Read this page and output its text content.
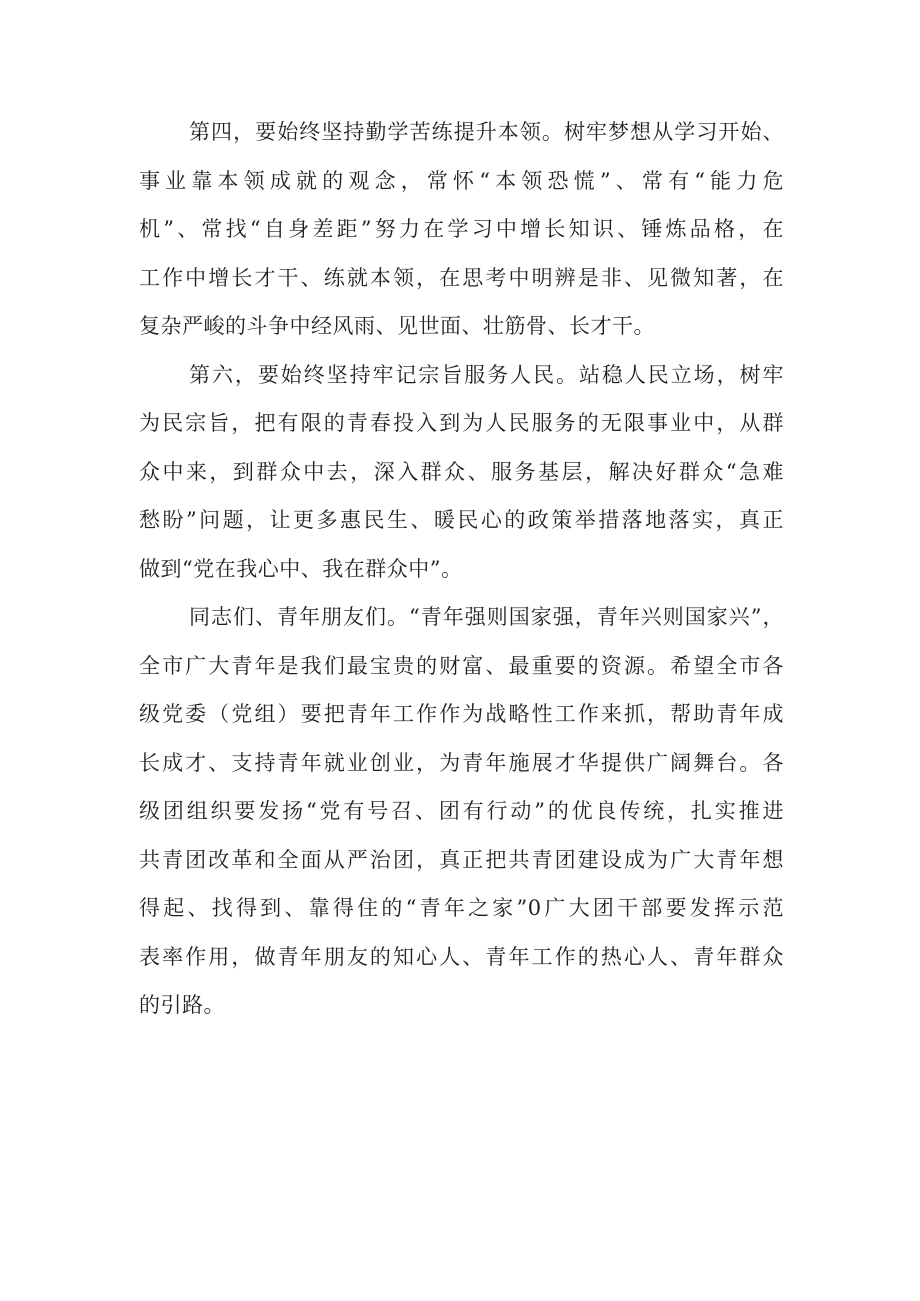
第四，要始终坚持勤学苦练提升本领。树牢梦想从学习开始、
事业靠本领成就的观念，常怀“本领恐慌”、常有“能力危
机”、常找“自身差距”努力在学习中增长知识、锤炼品格，在
工作中增长才干、练就本领，在思考中明辨是非、见微知著，在
复杂严峻的斗争中经风雨、见世面、壮筋骨、长才干。
第六，要始终坚持牢记宗旨服务人民。站稳人民立场，树牢
为民宗旨，把有限的青春投入到为人民服务的无限事业中，从群
众中来，到群众中去，深入群众、服务基层，解决好群众“急难
愁盼”问题，让更多惠民生、暖民心的政策举措落地落实，真正
做到“党在我心中、我在群众中”。
同志们、青年朋友们。“青年强则国家强，青年兴则国家兴”，
全市广大青年是我们最宝贵的财富、最重要的资源。希望全市各
级党委（党组）要把青年工作作为战略性工作来抓，帮助青年成
长成才、支持青年就业创业，为青年施展才华提供广阔舞台。各
级团组织要发扬“党有号召、团有行动”的优良传统，扎实推进
共青团改革和全面从严治团，真正把共青团建设成为广大青年想
得起、找得到、靠得住的“青年之家”0广大团干部要发挥示范
表率作用，做青年朋友的知心人、青年工作的热心人、青年群众
的引路。
